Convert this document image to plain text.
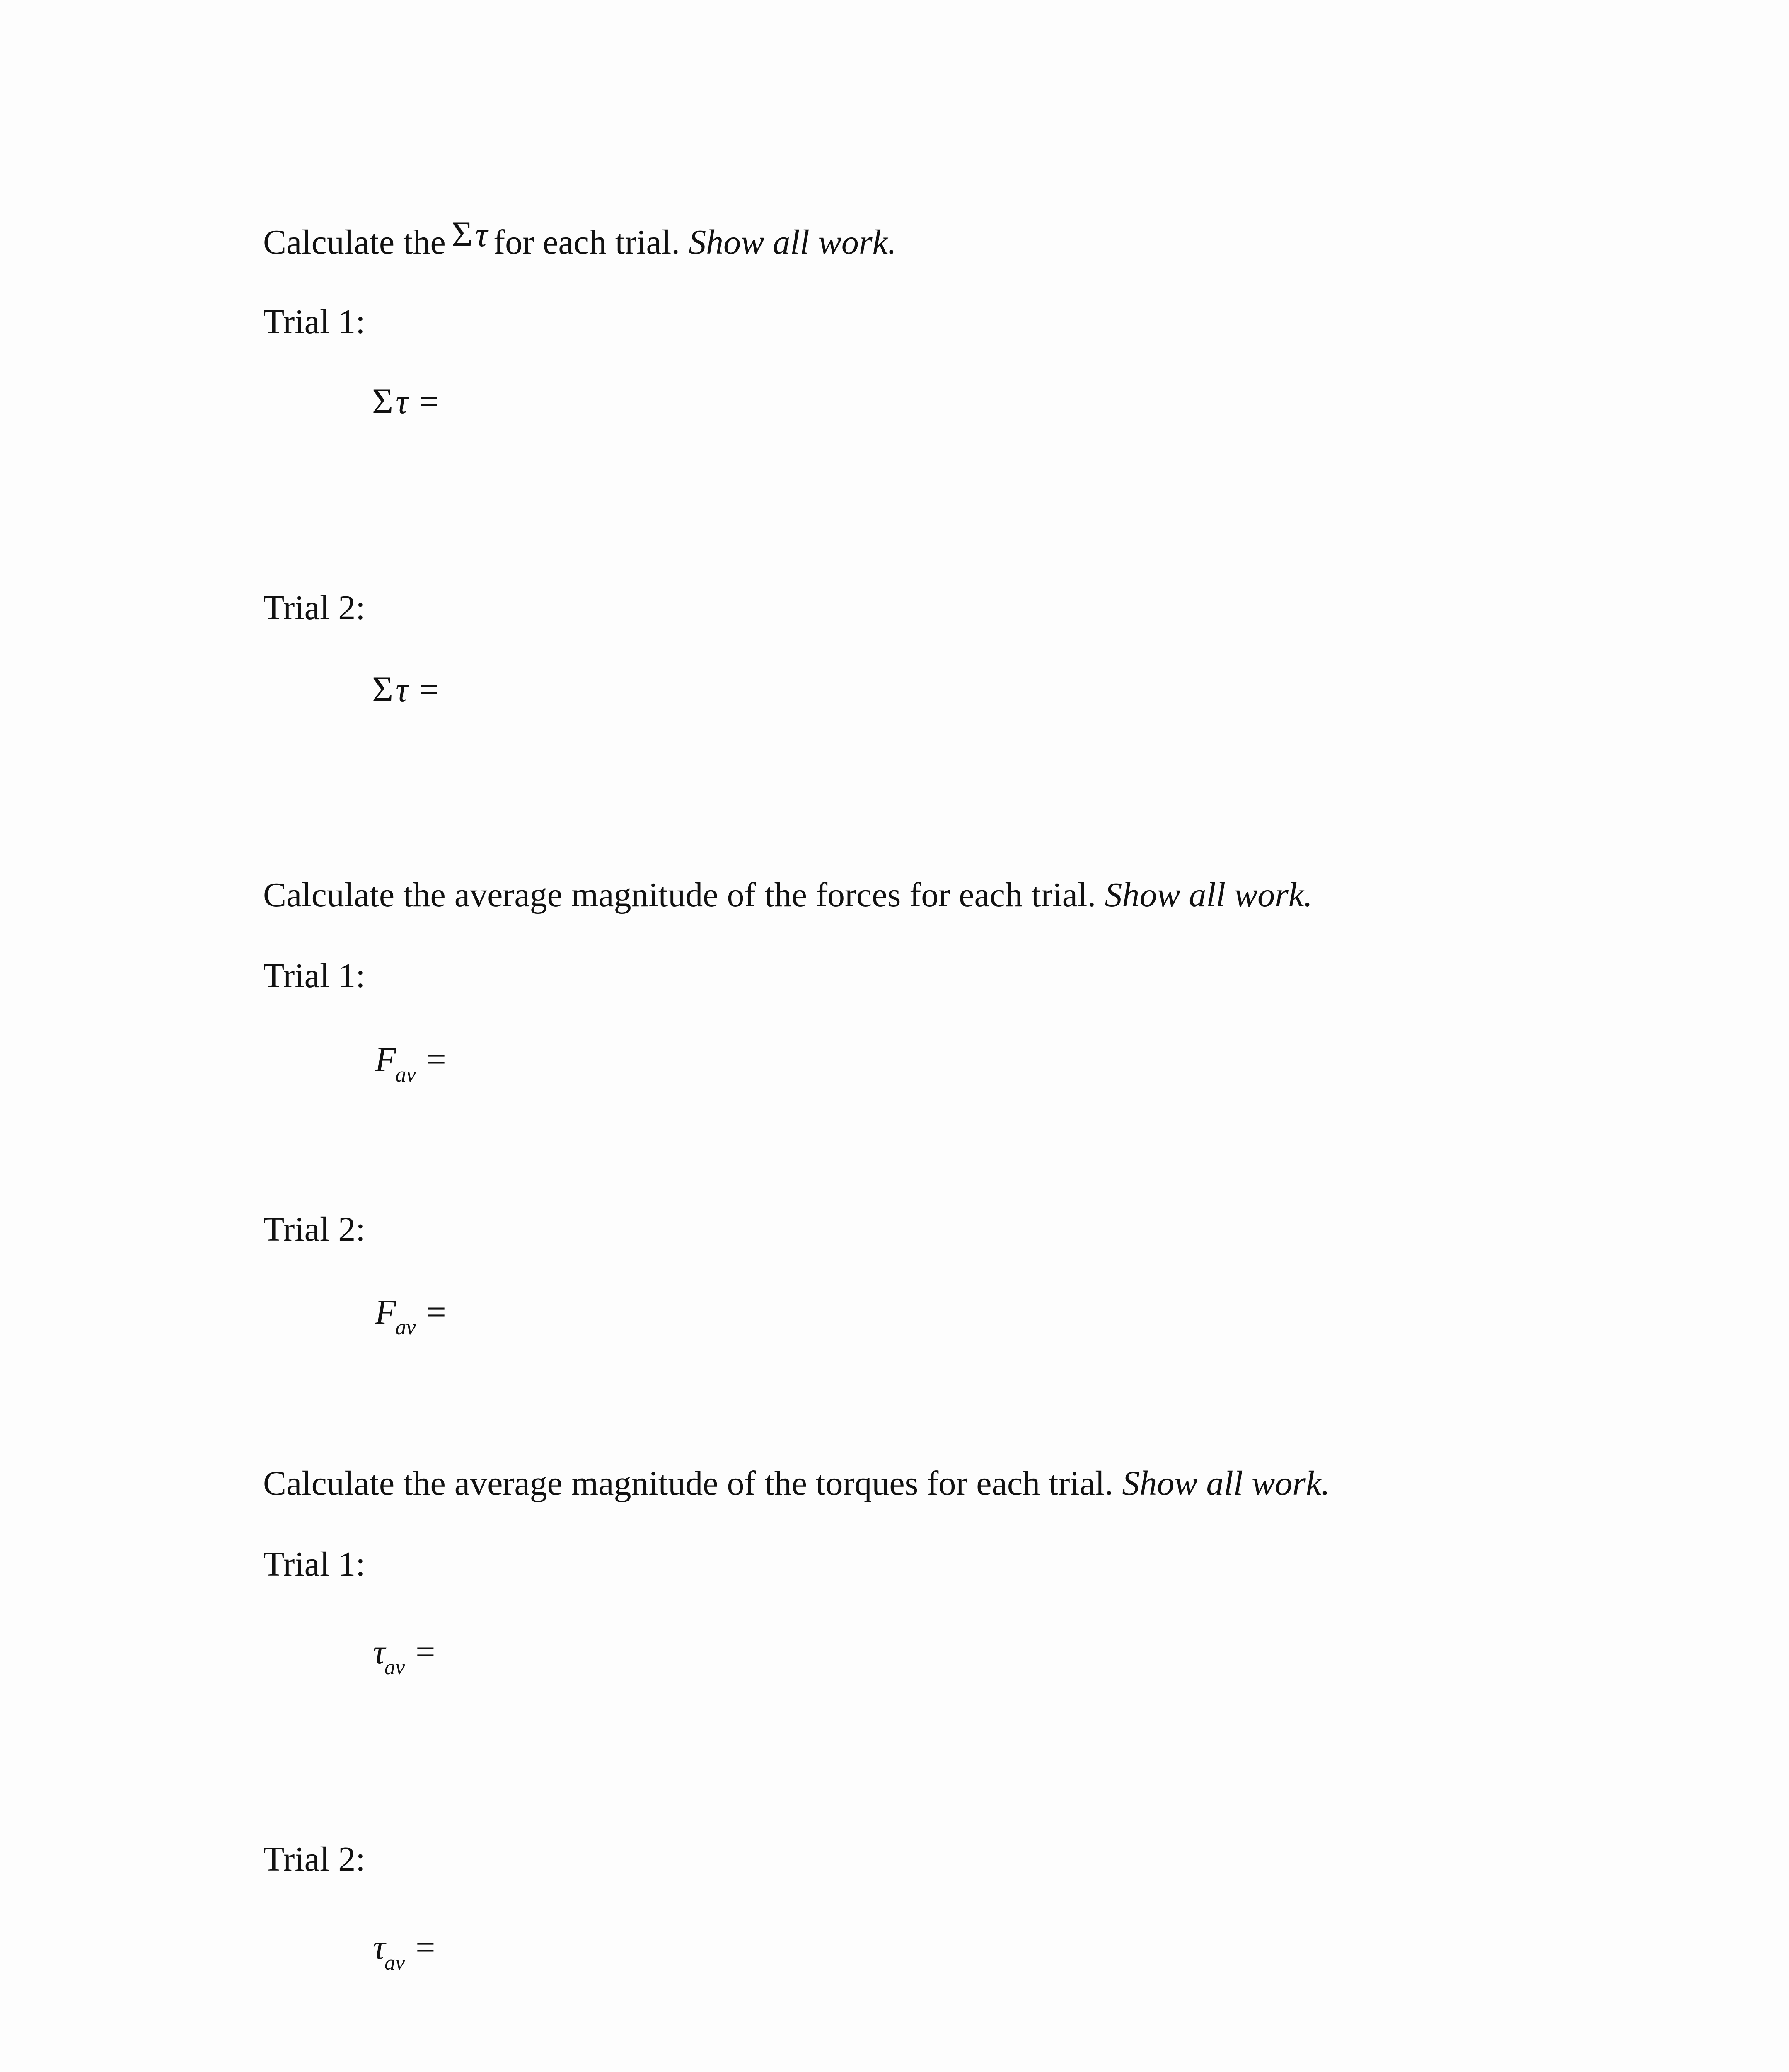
Calculate the Στ for each trial. Show all work.
Trial 1:
Στ =
Trial 2:
Στ =
Calculate the average magnitude of the forces for each trial. Show all work.
Trial 1:
Fav =
Trial 2:
Fav =
Calculate the average magnitude of the torques for each trial. Show all work.
Trial 1:
τav =
Trial 2:
τav =
